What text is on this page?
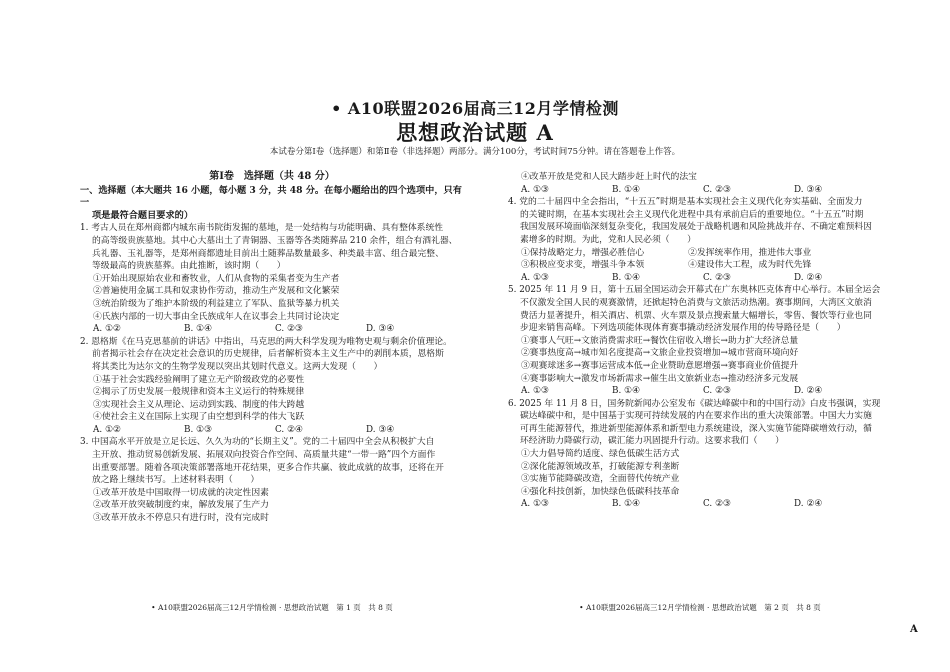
• A10联盟2026届高三12月学情检测
思想政治试题 A
本试卷分第Ⅰ卷（选择题）和第Ⅱ卷（非选择题）两部分。满分100分，考试时间75分钟。请在答题卷上作答。

第Ⅰ卷　选择题（共 48 分）

一、选择题（本大题共 16 小题，每小题 3 分，共 48 分。在每小题给出的四个选项中，只有一

项是最符合题目要求的）

1. 考古人员在郑州商都内城东南书院街发掘的墓地，是一处结构与功能明确、具有整体系统性

的高等级贵族墓地。其中心大墓出土了青铜器、玉器等各类随葬品 210 余件，组合有酒礼器、

兵礼器、玉礼器等，是郑州商都遗址目前出土随葬品数量最多、种类最丰富、组合最完整、

等级最高的贵族墓葬。由此推断，该时期（　　）

①开始出现原始农业和畜牧业，人们从食物的采集者变为生产者

②普遍使用金属工具和奴隶协作劳动，推动生产发展和文化繁荣

③统治阶级为了维护本阶级的利益建立了军队、监狱等暴力机关

④氏族内部的一切大事由全氏族成年人在议事会上共同讨论决定

A. ①②	B. ①④	C. ②③	D. ③④

2. 恩格斯《在马克思墓前的讲话》中指出，马克思的两大科学发现为唯物史观与剩余价值理论。

前者揭示社会存在决定社会意识的历史规律，后者解析资本主义生产中的剥削本质，恩格斯

将其类比为达尔文的生物学发现以突出其划时代意义。这两大发现（　　）

①基于社会实践经验阐明了建立无产阶级政党的必要性

②揭示了历史发展一般规律和资本主义运行的特殊规律

③实现社会主义从理论、运动到实践、制度的伟大跨越

④使社会主义在国际上实现了由空想到科学的伟大飞跃

A. ①②	B. ①③	C. ②④	D. ③④

3. 中国高水平开放是立足长远、久久为功的“长期主义”。党的二十届四中全会从积极扩大自

主开放、推动贸易创新发展、拓展双向投资合作空间、高质量共建“一带一路”四个方面作

出重要部署。随着各项决策部署落地开花结果，更多合作共赢、彼此成就的故事，还将在开

放之路上继续书写。上述材料表明（　　）

①改革开放是中国取得一切成就的决定性因素

②改革开放突破制度约束，解放发展了生产力

③改革开放永不停息只有进行时，没有完成时

④改革开放是党和人民大踏步赶上时代的法宝

A. ①③	B. ①④	C. ②③	D. ③④

4. 党的二十届四中全会指出，“十五五”时期是基本实现社会主义现代化夯实基础、全面发力

的关键时期，在基本实现社会主义现代化进程中具有承前启后的重要地位。“十五五”时期

我国发展环境面临深刻复杂变化，我国发展处于战略机遇和风险挑战并存、不确定难预料因

素增多的时期。为此，党和人民必须（　　）

①保持战略定力，增强必胜信心　　　　　②发挥统率作用，推进伟大事业

③积极应变求变，增强斗争本领　　　　　④建设伟大工程，成为时代先锋

A. ①③	B. ①④	C. ②③	D. ②④

5. 2025 年 11 月 9 日，第十五届全国运动会开幕式在广东奥林匹克体育中心举行。本届全运会

不仅激发全国人民的观赛激情，还掀起特色消费与文旅活动热潮。赛事期间，大湾区文旅消

费活力显著提升，相关酒店、机票、火车票及景点搜索量大幅增长，零售、餐饮等行业也同

步迎来销售高峰。下列选项能体现体育赛事撬动经济发展作用的传导路径是（　　）

①赛事人气旺→文旅消费需求旺→餐饮住宿收入增长→助力扩大经济总量

②赛事热度高→城市知名度提高→文旅企业投资增加→城市营商环境向好

③观赛球迷多→赛事运营成本低→企业赞助意愿增强→赛事商业价值提升

④赛事影响大→激发市场新需求→催生出文旅新业态→推动经济多元发展

A. ①③	B. ①④	C. ②③	D. ②④

6. 2025 年 11 月 8 日，国务院新闻办公室发布《碳达峰碳中和的中国行动》白皮书强调，实现

碳达峰碳中和，是中国基于实现可持续发展的内在要求作出的重大决策部署。中国大力实施

可再生能源替代，推进新型能源体系和新型电力系统建设，深入实施节能降碳增效行动，循

环经济助力降碳行动，碳汇能力巩固提升行动。这要求我们（　　）

①大力倡导简约适度、绿色低碳生活方式

②深化能源领域改革，打破能源专利垄断

③实施节能降碳改造，全面替代传统产业

④强化科技创新，加快绿色低碳科技革命

A. ①③	B. ①④	C. ②③	D. ②④
• A10联盟2026届高三12月学情检测 · 思想政治试题　第 1 页　共 8 页	• A10联盟2026届高三12月学情检测 · 思想政治试题　第 2 页　共 8 页
A
